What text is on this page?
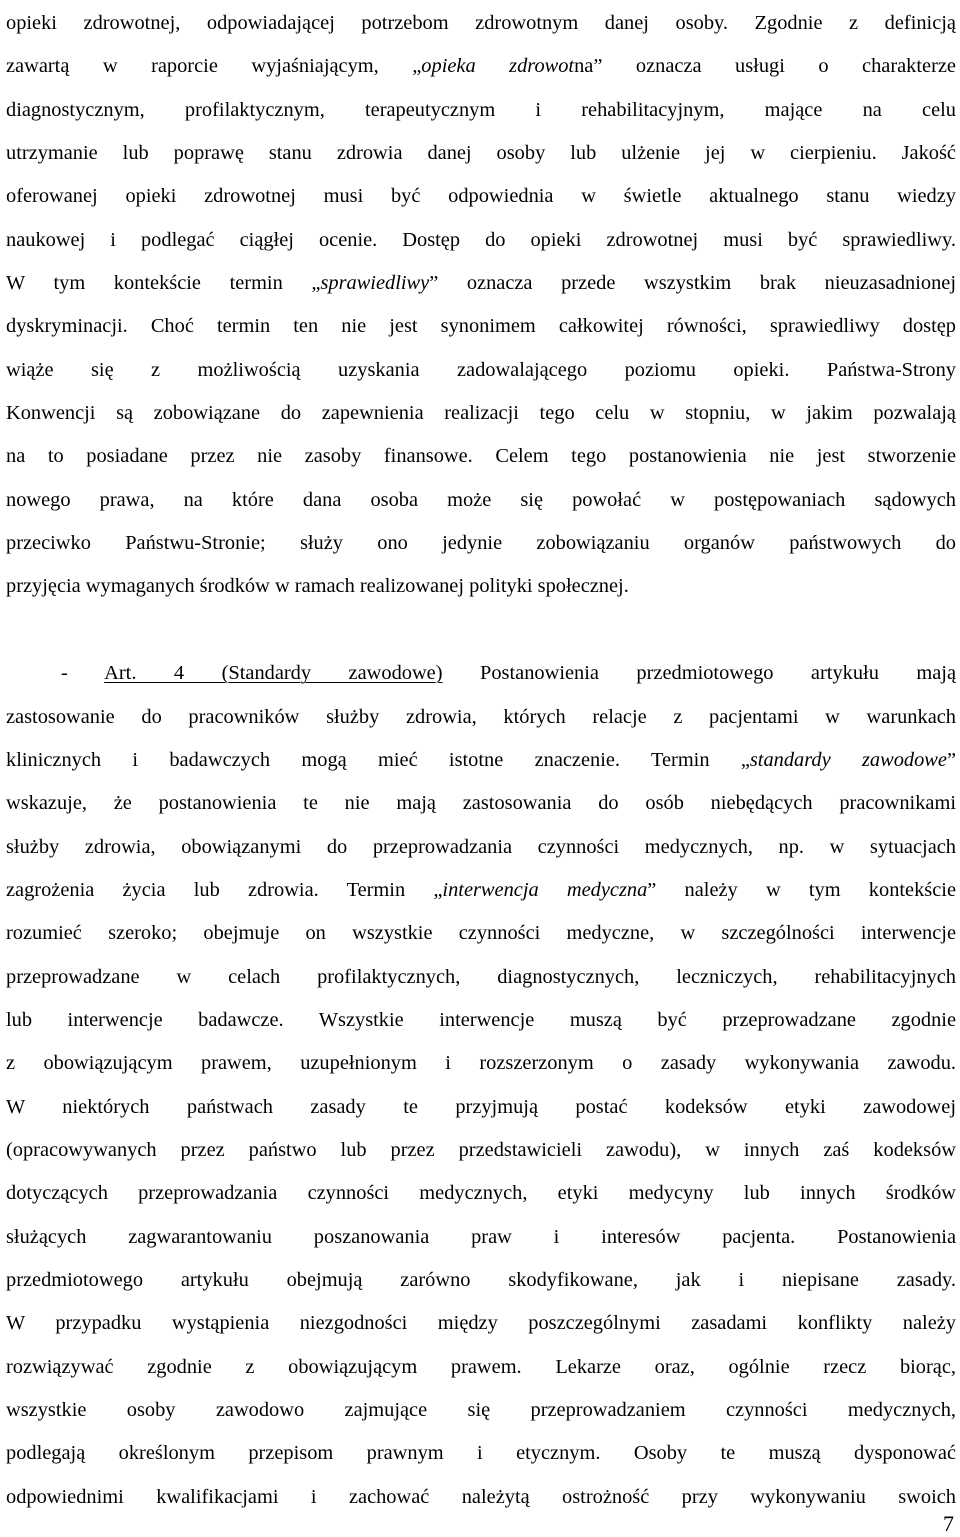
opieki zdrowotnej, odpowiadającej potrzebom zdrowotnym danej osoby. Zgodnie z definicją
zawartą w raporcie wyjaśniającym, „opieka zdrowotna” oznacza usługi o charakterze
diagnostycznym, profilaktycznym, terapeutycznym i rehabilitacyjnym, mające na celu
utrzymanie lub poprawę stanu zdrowia danej osoby lub ulżenie jej w cierpieniu. Jakość
oferowanej opieki zdrowotnej musi być odpowiednia w świetle aktualnego stanu wiedzy
naukowej i podlegać ciągłej ocenie. Dostęp do opieki zdrowotnej musi być sprawiedliwy.
W tym kontekście termin „sprawiedliwy” oznacza przede wszystkim brak nieuzasadnionej
dyskryminacji. Choć termin ten nie jest synonimem całkowitej równości, sprawiedliwy dostęp
wiąże się z możliwością uzyskania zadowalającego poziomu opieki. Państwa-Strony
Konwencji są zobowiązane do zapewnienia realizacji tego celu w stopniu, w jakim pozwalają
na to posiadane przez nie zasoby finansowe. Celem tego postanowienia nie jest stworzenie
nowego prawa, na które dana osoba może się powołać w postępowaniach sądowych
przeciwko Państwu-Stronie; służy ono jedynie zobowiązaniu organów państwowych do
przyjęcia wymaganych środków w ramach realizowanej polityki społecznej.
- Art. 4 (Standardy zawodowe) Postanowienia przedmiotowego artykułu mają
zastosowanie do pracowników służby zdrowia, których relacje z pacjentami w warunkach
klinicznych i badawczych mogą mieć istotne znaczenie. Termin „standardy zawodowe”
wskazuje, że postanowienia te nie mają zastosowania do osób niebędących pracownikami
służby zdrowia, obowiązanymi do przeprowadzania czynności medycznych, np. w sytuacjach
zagrożenia życia lub zdrowia. Termin „interwencja medyczna” należy w tym kontekście
rozumieć szeroko; obejmuje on wszystkie czynności medyczne, w szczególności interwencje
przeprowadzane w celach profilaktycznych, diagnostycznych, leczniczych, rehabilitacyjnych
lub interwencje badawcze. Wszystkie interwencje muszą być przeprowadzane zgodnie
z obowiązującym prawem, uzupełnionym i rozszerzonym o zasady wykonywania zawodu.
W niektórych państwach zasady te przyjmują postać kodeksów etyki zawodowej
(opracowywanych przez państwo lub przez przedstawicieli zawodu), w innych zaś kodeksów
dotyczących przeprowadzania czynności medycznych, etyki medycyny lub innych środków
służących zagwarantowaniu poszanowania praw i interesów pacjenta. Postanowienia
przedmiotowego artykułu obejmują zarówno skodyfikowane, jak i niepisane zasady.
W przypadku wystąpienia niezgodności między poszczególnymi zasadami konflikty należy
rozwiązywać zgodnie z obowiązującym prawem. Lekarze oraz, ogólnie rzecz biorąc,
wszystkie osoby zawodowo zajmujące się przeprowadzaniem czynności medycznych,
podlegają określonym przepisom prawnym i etycznym. Osoby te muszą dysponować
odpowiednimi kwalifikacjami i zachować należytą ostrożność przy wykonywaniu swoich
7
